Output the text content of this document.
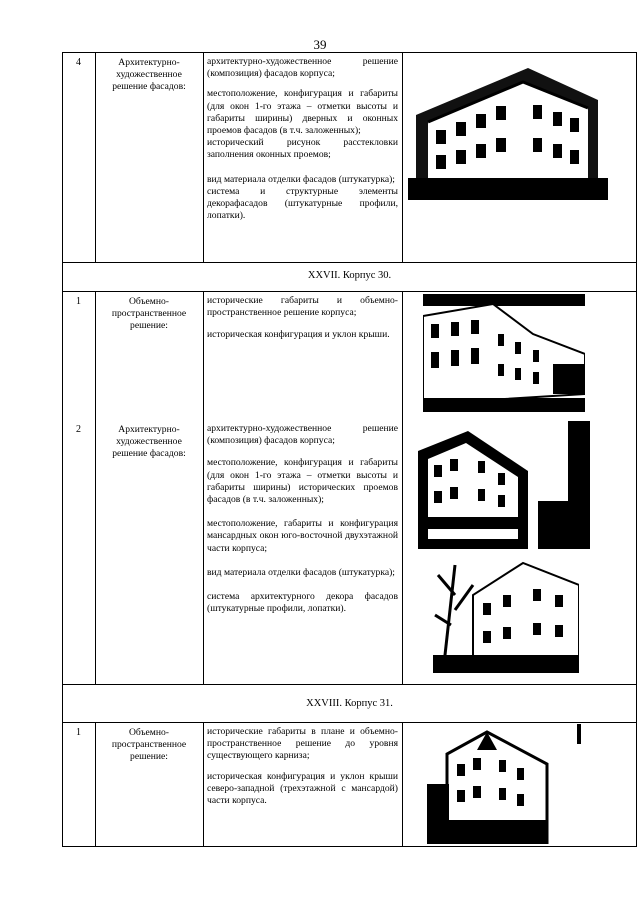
39
4	Архитектурно-художественное решение фасадов:

архитектурно-художественное решение (композиция) фасадов корпуса;

местоположение, конфигурация и габариты (для окон 1-го этажа – отметки высоты и габариты ширины) дверных и оконных проемов фасадов (в т.ч. заложенных);

исторический рисунок расстекловки заполнения оконных проемов;

вид материала отделки фасадов (штукатурка);

система и структурные элементы декорафасадов (штукатурные профили, лопатки).

XXVII. Корпус 30.
1	Объемно-пространственное решение:

исторические габариты и объемно-пространственное решение корпуса;

историческая конфигурация и уклон крыши.

2	Архитектурно-художественное решение фасадов:

архитектурно-художественное решение (композиция) фасадов корпуса;

местоположение, конфигурация и габариты (для окон 1-го этажа – отметки высоты и габариты ширины) исторических проемов фасадов (в т.ч. заложенных);

местоположение, габариты и конфигурация мансардных окон юго-восточной двухэтажной части корпуса;

вид материала отделки фасадов (штукатурка);

система архитектурного декора фасадов (штукатурные профили, лопатки).

XXVIII. Корпус 31.
1	Объемно-пространственное решение:

исторические габариты в плане и объемно-пространственное решение до уровня существующего карниза;

историческая конфигурация и уклон крыши северо-западной (трехэтажной с мансардой) части корпуса.
